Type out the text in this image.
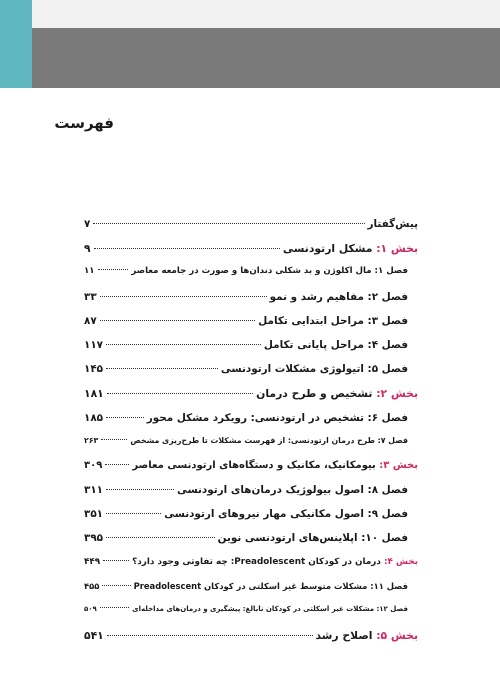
فهرست
پیش‌گفتار
۷
بخش ۱: مشکل ارتودنسی
۹
فصل ۱: مال اکلوژن و بد شکلی دندان‌ها و صورت در جامعه معاصر
۱۱
فصل ۲: مفاهیم رشد و نمو
۳۳
فصل ۳: مراحل ابتدایی تکامل
۸۷
فصل ۴: مراحل پایانی تکامل
۱۱۷
فصل ۵: اتیولوژی مشکلات ارتودنسی
۱۴۵
بخش ۲: تشخیص و طرح درمان
۱۸۱
فصل ۶: تشخیص در ارتودنسی: رویکرد مشکل محور
۱۸۵
فصل ۷: طرح درمان ارتودنسی: از فهرست مشکلات تا طرح‌ریزی مشخص
۲۶۳
بخش ۳: بیومکانیک، مکانیک و دستگاه‌های ارتودنسی معاصر
۳۰۹
فصل ۸: اصول بیولوژیک درمان‌های ارتودنسی
۳۱۱
فصل ۹: اصول مکانیکی مهار نیروهای ارتودنسی
۳۵۱
فصل ۱۰: اپلاینس‌های ارتودنسی نوین
۳۹۵
بخش ۴: درمان در کودکان Preadolescent: چه تفاوتی وجود دارد؟
۴۴۹
فصل ۱۱: مشکلات متوسط غیر اسکلتی در کودکان Preadolescent
۴۵۵
فصل ۱۲: مشکلات غیر اسکلتی در کودکان نابالغ: پیشگیری و درمان‌های مداخله‌ای
۵۰۹
بخش ۵: اصلاح رشد
۵۴۱
